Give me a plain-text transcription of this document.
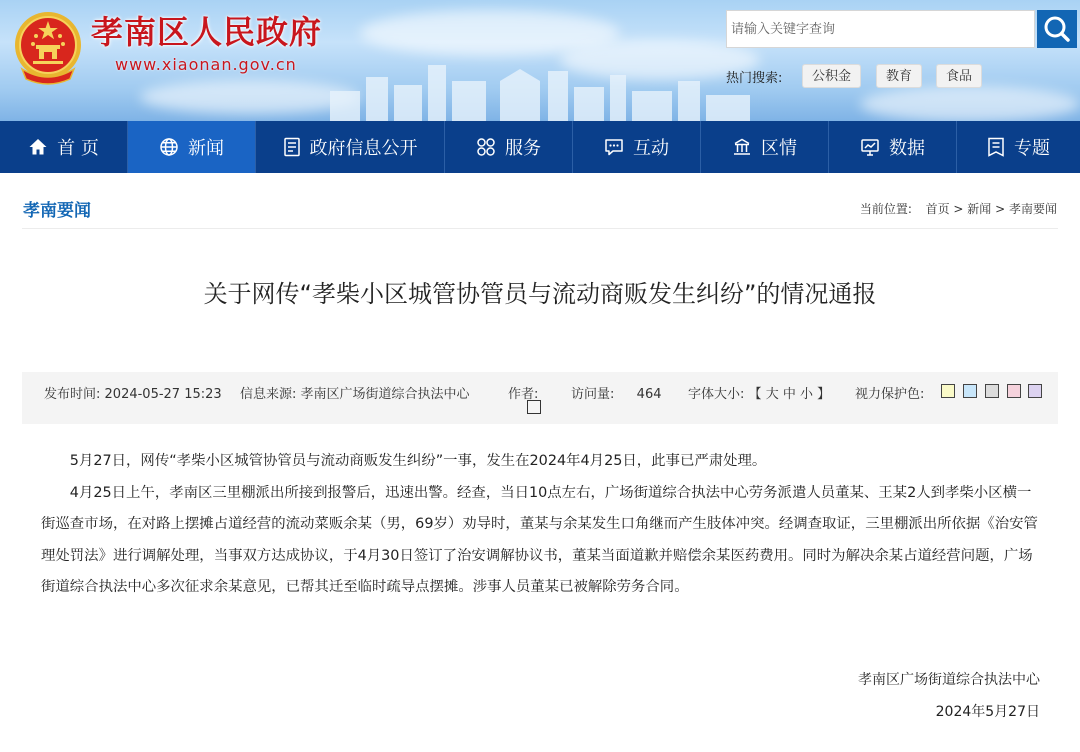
孝南区人民政府
www.xiaonan.gov.cn
请输入关键字查询
热门搜索:	公积金	教育	食品
首 页	新闻	政府信息公开	服务	互动	区情	数据	专题
孝南要闻	当前位置: 首页 > 新闻 > 孝南要闻
关于网传“孝柴小区城管协管员与流动商贩发生纠纷”的情况通报
发布时间: 2024-05-27 15:23 信息来源: 孝南区广场街道综合执法中心	作者:	访问量: 464 字体大小: 【 大 中 小 】 视力保护色:

5月27日，网传“孝柴小区城管协管员与流动商贩发生纠纷”一事，发生在2024年4月25日，此事已严肃处理。

4月25日上午，孝南区三里棚派出所接到报警后，迅速出警。经查，当日10点左右，广场街道综合执法中心劳务派遣人员董某、王某2人到孝柴小区横一街巡查市场，在对路上摆摊占道经营的流动菜贩余某（男，69岁）劝导时，董某与余某发生口角继而产生肢体冲突。经调查取证，三里棚派出所依据《治安管理处罚法》进行调解处理，当事双方达成协议，于4月30日签订了治安调解协议书，董某当面道歉并赔偿余某医药费用。同时为解决余某占道经营问题，广场街道综合执法中心多次征求余某意见，已帮其迁至临时疏导点摆摊。涉事人员董某已被解除劳务合同。

孝南区广场街道综合执法中心
2024年5月27日
